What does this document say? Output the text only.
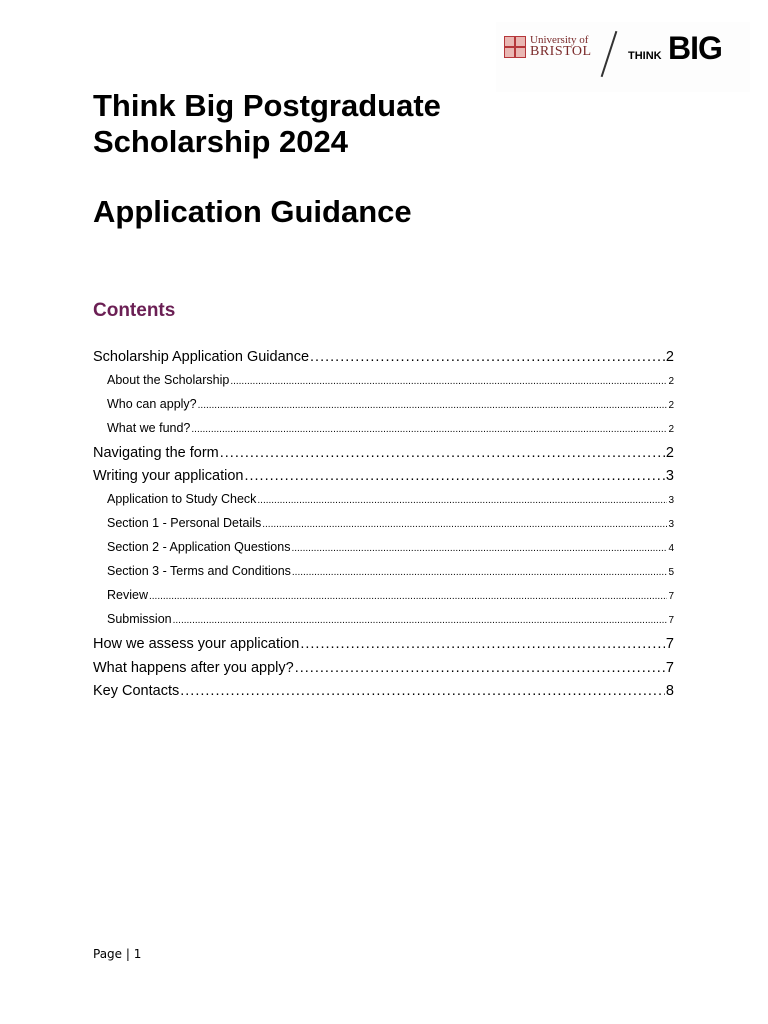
University of
BRISTOL	THINK BIG
Think Big Postgraduate
Scholarship 2024
Application Guidance
Contents
Scholarship Application Guidance .....	2
About the Scholarship .....	2
Who can apply? .....	2
What we fund? .....	2
Navigating the form .....	2
Writing your application .....	3
Application to Study Check .....	3
Section 1 - Personal Details .....	3
Section 2 - Application Questions .....	4
Section 3 - Terms and Conditions .....	5
Review .....	7
Submission .....	7
How we assess your application .....	7
What happens after you apply? .....	7
Key Contacts .....	8
Page | 1
